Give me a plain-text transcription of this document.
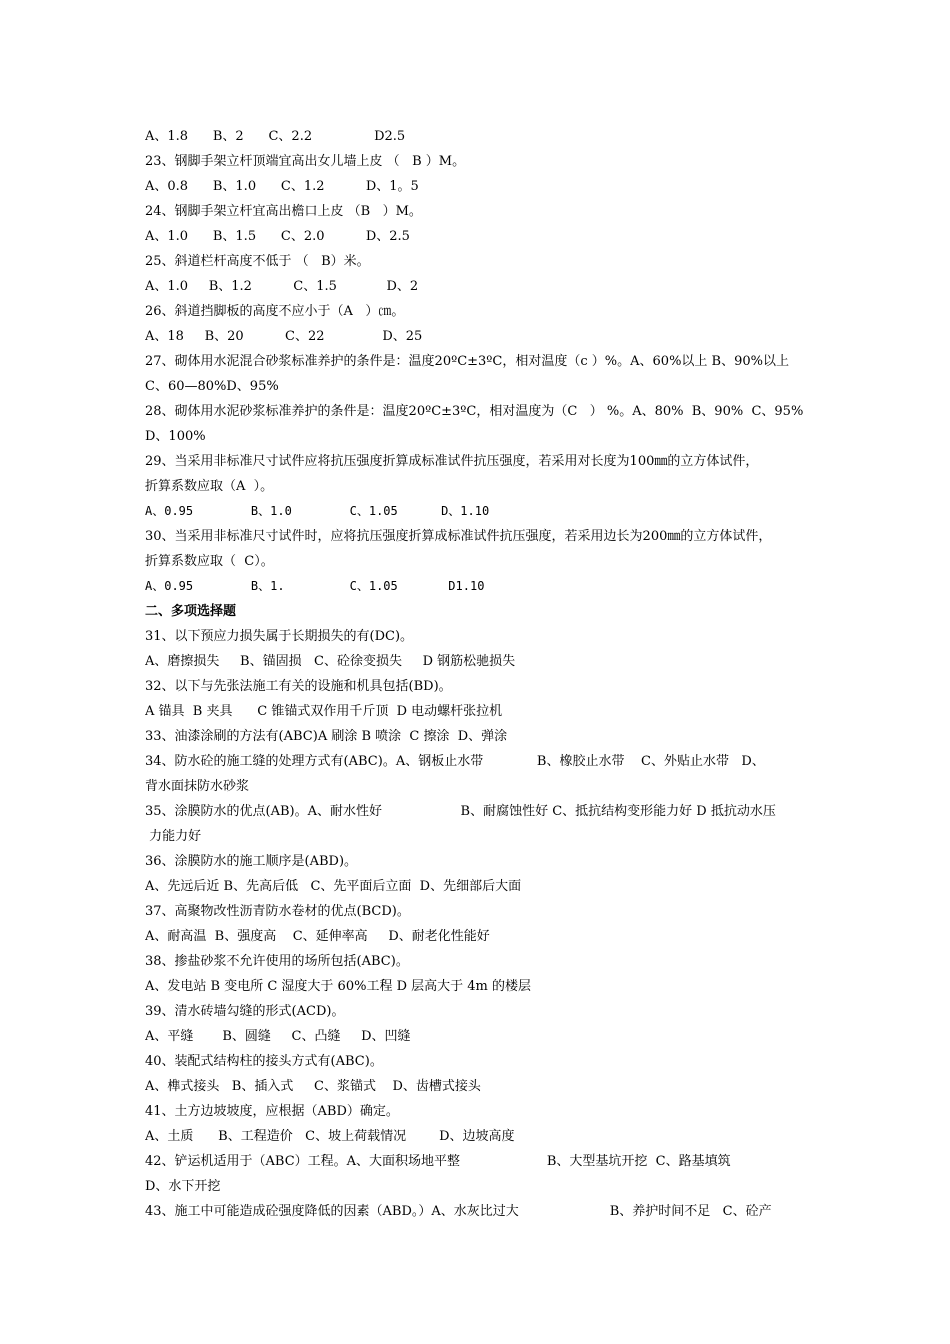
A、1.8      B、2      C、2.2               D2.5
23、钢脚手架立杆顶端宜高出女儿墙上皮 （   B ）M。
A、0.8      B、1.0      C、1.2          D、1。5
24、钢脚手架立杆宜高出檐口上皮 （B   ）M。
A、1.0      B、1.5      C、2.0          D、2.5
25、斜道栏杆高度不低于 （   B）米。
A、1.0     B、1.2          C、1.5            D、2
26、斜道挡脚板的高度不应小于（A   ）㎝。
A、18     B、20          C、22              D、25
27、砌体用水泥混合砂浆标准养护的条件是：温度20ºC±3ºC，相对温度（c ）%。A、60%以上 B、90%以上
C、60—80%D、95%
28、砌体用水泥砂浆标准养护的条件是：温度20ºC±3ºC，相对温度为（C   ） %。A、80%  B、90%  C、95%
D、100%
29、当采用非标准尺寸试件应将抗压强度折算成标准试件抗压强度，若采用对长度为100㎜的立方体试件，
折算系数应取（A  ）。
A、0.95        B、1.0        C、1.05      D、1.10
30、当采用非标准尺寸试件时，应将抗压强度折算成标准试件抗压强度，若采用边长为200㎜的立方体试件，
折算系数应取（  C）。
A、0.95        B、1.         C、1.05       D1.10
二、多项选择题
31、以下预应力损失属于长期损失的有(DC)。
A、磨擦损失     B、锚固损   C、砼徐变损失     D 钢筋松驰损失
32、以下与先张法施工有关的设施和机具包括(BD)。
A 锚具  B 夹具      C 锥锚式双作用千斤顶  D 电动螺杆张拉机
33、油漆涂刷的方法有(ABC)A 刷涂 B 喷涂  C 擦涂  D、弹涂
34、防水砼的施工缝的处理方式有(ABC)。A、钢板止水带             B、橡胶止水带    C、外贴止水带   D、
背水面抹防水砂浆
35、涂膜防水的优点(AB)。A、耐水性好                   B、耐腐蚀性好 C、抵抗结构变形能力好 D 抵抗动水压
力能力好
36、涂膜防水的施工顺序是(ABD)。
A、先远后近 B、先高后低   C、先平面后立面  D、先细部后大面
37、高聚物改性沥青防水卷材的优点(BCD)。
A、耐高温  B、强度高    C、延伸率高     D、耐老化性能好
38、掺盐砂浆不允许使用的场所包括(ABC)。
A、发电站 B 变电所 C 湿度大于 60%工程 D 层高大于 4m 的楼层
39、清水砖墙勾缝的形式(ACD)。
A、平缝       B、圆缝     C、凸缝     D、凹缝
40、装配式结构柱的接头方式有(ABC)。
A、榫式接头   B、插入式     C、浆锚式    D、齿槽式接头
41、土方边坡坡度，应根据（ABD）确定。
A、土质      B、工程造价   C、坡上荷载情况        D、边坡高度
42、铲运机适用于（ABC）工程。A、大面积场地平整                     B、大型基坑开挖  C、路基填筑
D、水下开挖
43、施工中可能造成砼强度降低的因素（ABD。）A、水灰比过大                      B、养护时间不足   C、砼产
